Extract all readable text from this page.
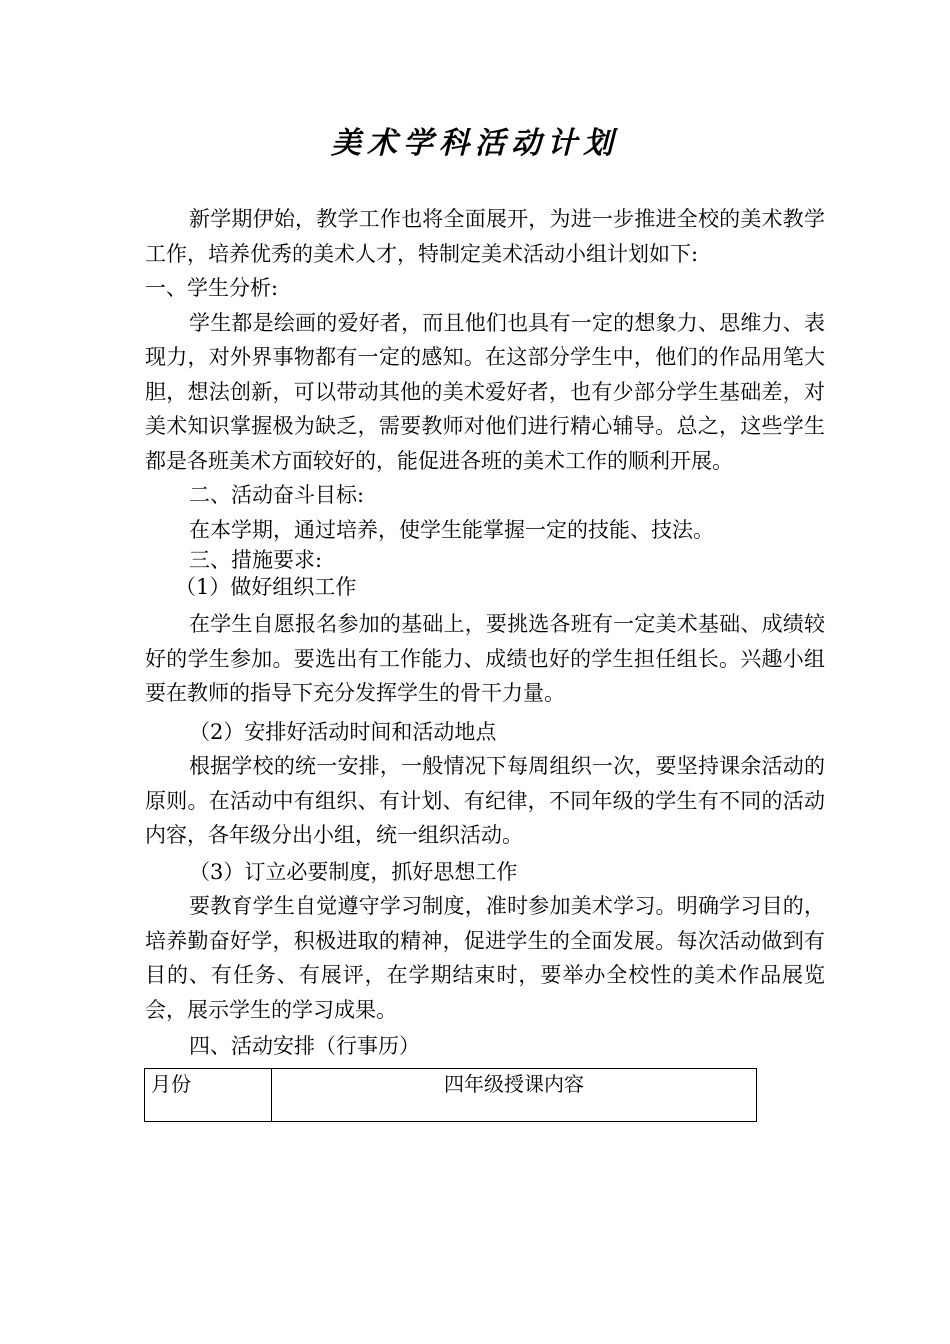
美术学科活动计划

新学期伊始，教学工作也将全面展开，为进一步推进全校的美术教学工作，培养优秀的美术人才，特制定美术活动小组计划如下:

一、学生分析:

学生都是绘画的爱好者，而且他们也具有一定的想象力、思维力、表现力，对外界事物都有一定的感知。在这部分学生中，他们的作品用笔大胆，想法创新，可以带动其他的美术爱好者，也有少部分学生基础差，对美术知识掌握极为缺乏，需要教师对他们进行精心辅导。总之，这些学生都是各班美术方面较好的，能促进各班的美术工作的顺利开展。

二、活动奋斗目标:

在本学期，通过培养，使学生能掌握一定的技能、技法。

三、措施要求:

（1）做好组织工作

在学生自愿报名参加的基础上，要挑选各班有一定美术基础、成绩较好的学生参加。要选出有工作能力、成绩也好的学生担任组长。兴趣小组要在教师的指导下充分发挥学生的骨干力量。

（2）安排好活动时间和活动地点

根据学校的统一安排，一般情况下每周组织一次，要坚持课余活动的原则。在活动中有组织、有计划、有纪律，不同年级的学生有不同的活动内容，各年级分出小组，统一组织活动。

（3）订立必要制度，抓好思想工作

要教育学生自觉遵守学习制度，准时参加美术学习。明确学习目的，培养勤奋好学，积极进取的精神，促进学生的全面发展。每次活动做到有目的、有任务、有展评，在学期结束时，要举办全校性的美术作品展览会，展示学生的学习成果。

四、活动安排（行事历）

月份	四年级授课内容
